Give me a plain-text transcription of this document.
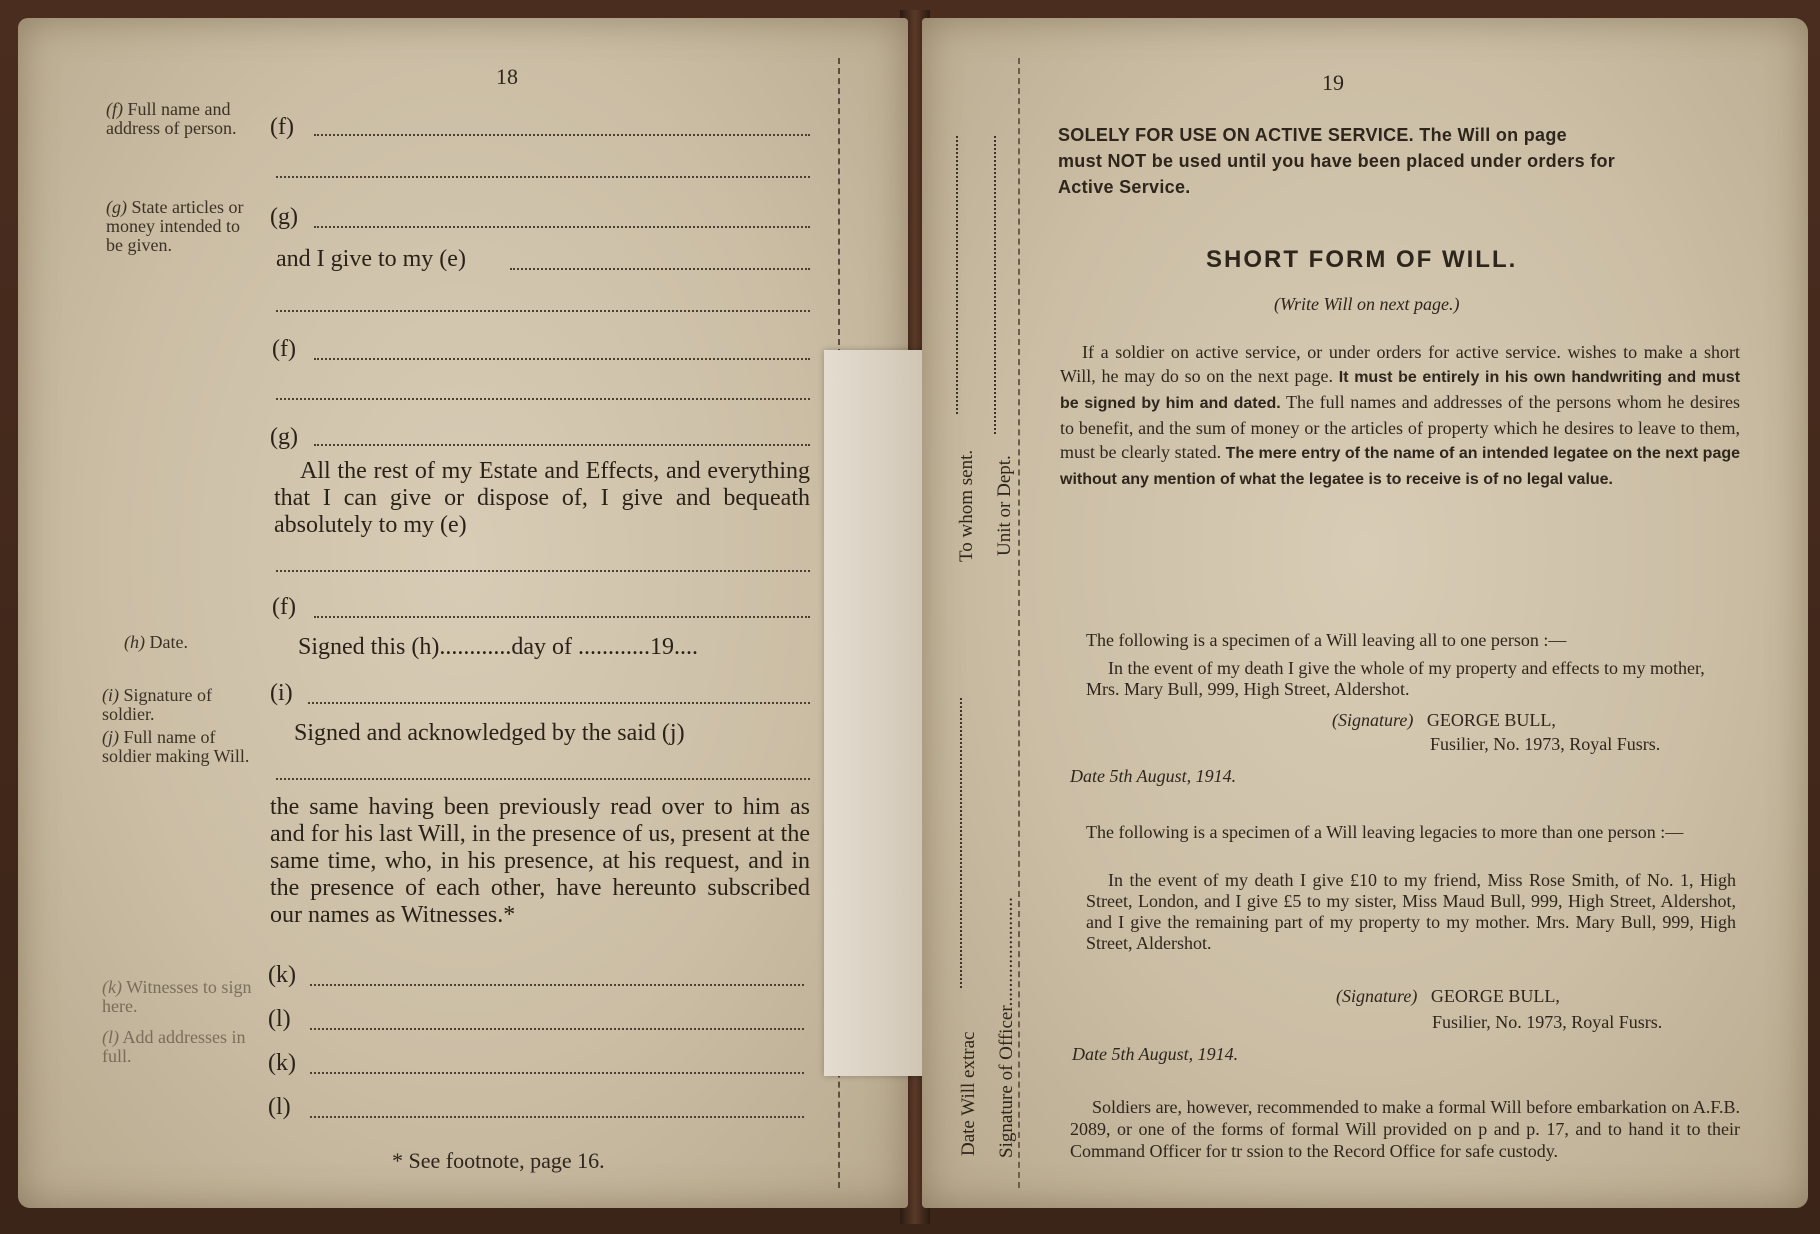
18
(f) Full name and address of person.
(g) State articles or money intended to be given.
(h) Date.
(i) Signature of soldier.
(j) Full name of soldier making Will.
(k) Witnesses to sign here.
(l) Add addresses in full.
(f)
(g)
and I give to my (e)
(f)
(g)
All the rest of my Estate and Effects, and everything that I can give or dispose of, I give and bequeath absolutely to my (e)
(f)
Signed this (h)............day of ............19....
(i)
Signed and acknowledged by the said (j)
the same having been previously read over to him as and for his last Will, in the presence of us, present at the same time, who, in his presence, at his request, and in the presence of each other, have hereunto subscribed our names as Witnesses.*
(k)
(l)
(k)
(l)
* See footnote, page 16.
To whom sent. Unit or Dept.
Date Will extrac Signature of Officer.......................
19
SOLELY FOR USE ON ACTIVE SERVICE. The Will on page
must NOT be used until you have been placed under orders for
Active Service.
SHORT FORM OF WILL.
(Write Will on next page.)
If a soldier on active service, or under orders for active service. wishes to make a short Will, he may do so on the next page. It must be entirely in his own handwriting and must be signed by him and dated. The full names and addresses of the persons whom he desires to benefit, and the sum of money or the articles of property which he desires to leave to them, must be clearly stated. The mere entry of the name of an intended legatee on the next page without any mention of what the legatee is to receive is of no legal value.
The following is a specimen of a Will leaving all to one person :—
In the event of my death I give the whole of my property and effects to my mother, Mrs. Mary Bull, 999, High Street, Aldershot.
(Signature) GEORGE BULL,
Fusilier, No. 1973, Royal Fusrs.
Date 5th August, 1914.
The following is a specimen of a Will leaving legacies to more than one person :—
In the event of my death I give £10 to my friend, Miss Rose Smith, of No. 1, High Street, London, and I give £5 to my sister, Miss Maud Bull, 999, High Street, Aldershot, and I give the remaining part of my property to my mother. Mrs. Mary Bull, 999, High Street, Aldershot.
(Signature) GEORGE BULL,
Fusilier, No. 1973, Royal Fusrs.
Date 5th August, 1914.
Soldiers are, however, recommended to make a formal Will before embarkation on A.F.B. 2089, or one of the forms of formal Will provided on p and p. 17, and to hand it to their Command Officer for tr ssion to the Record Office for safe custody.
